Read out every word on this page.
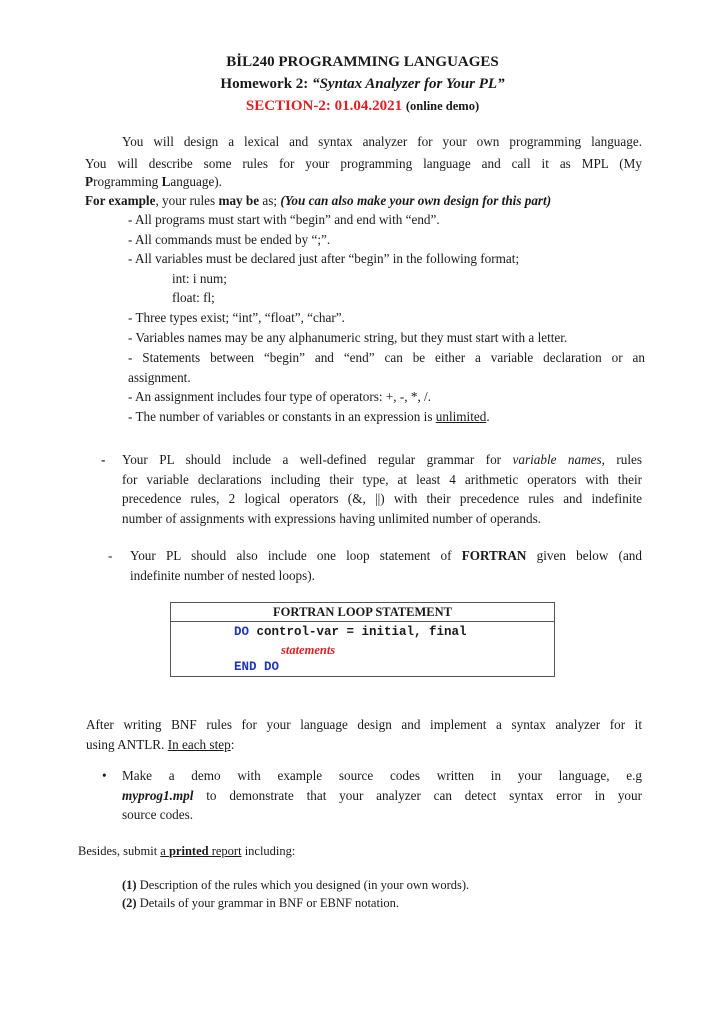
BİL240 PROGRAMMING LANGUAGES
Homework 2: “Syntax Analyzer for Your PL”
SECTION-2: 01.04.2021 (online demo)
You will design a lexical and syntax analyzer for your own programming language.
You will describe some rules for your programming language and call it as MPL (My
Programming Language).
For example, your rules may be as; (You can also make your own design for this part)
- All programs must start with “begin” and end with “end”.
- All commands must be ended by “;”.
- All variables must be declared just after “begin” in the following format;
int: i num;
float: fl;
- Three types exist; “int”, “float”, “char”.
- Variables names may be any alphanumeric string, but they must start with a letter.
- Statements between “begin” and “end” can be either a variable declaration or an
assignment.
- An assignment includes four type of operators: +, -, *, /.
- The number of variables or constants in an expression is unlimited.
- Your PL should include a well-defined regular grammar for variable names, rules
for variable declarations including their type, at least 4 arithmetic operators with their
precedence rules, 2 logical operators (&, ||) with their precedence rules and indefinite
number of assignments with expressions having unlimited number of operands.
- Your PL should also include one loop statement of FORTRAN given below (and
indefinite number of nested loops).
FORTRAN LOOP STATEMENT

DO control-var = initial, final
statements
END DO
After writing BNF rules for your language design and implement a syntax analyzer for it
using ANTLR. In each step:
• Make a demo with example source codes written in your language, e.g
myprog1.mpl to demonstrate that your analyzer can detect syntax error in your
source codes.
Besides, submit a printed report including:
(1) Description of the rules which you designed (in your own words).
(2) Details of your grammar in BNF or EBNF notation.
